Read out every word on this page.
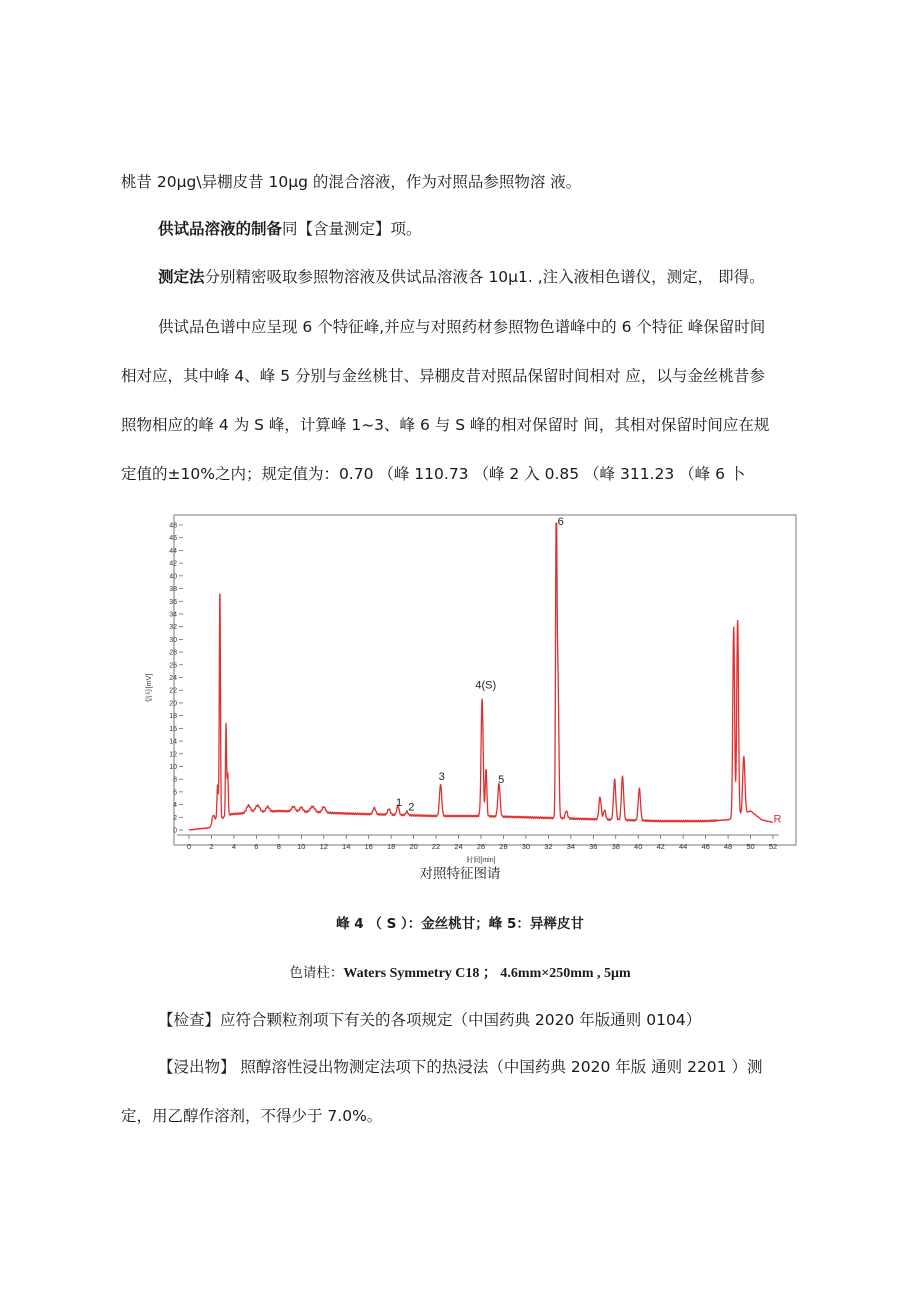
桃昔 20μg\异棚皮昔 10μg 的混合溶液，作为对照品参照物溶 液。
供试品溶液的制备同【含量测定】项。
测定法分别精密吸取参照物溶液及供试品溶液各 10μ1. ,注入液相色谱仪，测定， 即得。
供试品色谱中应呈现 6 个特征峰,并应与对照药材参照物色谱峰中的 6 个特征 峰保留时间
相对应，其中峰 4、峰 5 分别与金丝桃甘、异棚皮昔对照品保留时间相对 应，以与金丝桃昔参
照物相应的峰 4 为 S 峰，计算峰 1~3、峰 6 与 S 峰的相对保留时 间，其相对保留时间应在规
定值的±10%之内；规定值为：0.70 （峰 110.73 （峰 2 入 0.85 （峰 311.23 （峰 6 卜
0 2 4 6 8 10 12 14 16 18 20 22 24 26 28 30 32 34 36 38 40 42 44 46 48 50 52
0
2
4
6
8
10
12
14
16
18
20
22
24
26
28
30
32
34
36
38
40
42
44
46
48
1 2
3
4(S)
5
6
R
信号[mV]
时间[min]
对照特征图请
峰 4 （ S ）：金丝桃甘；峰 5：异榉皮甘
色请柱：Waters Symmetry C18 ； 4.6mm×250mm , 5μm
【检查】应符合颗粒剂项下有关的各项规定（中国药典 2020 年版通则 0104）
【浸出物】 照醇溶性浸出物测定法项下的热浸法（中国药典 2020 年版 通则 2201 ）测
定，用乙醇作溶剂，不得少于 7.0%。
